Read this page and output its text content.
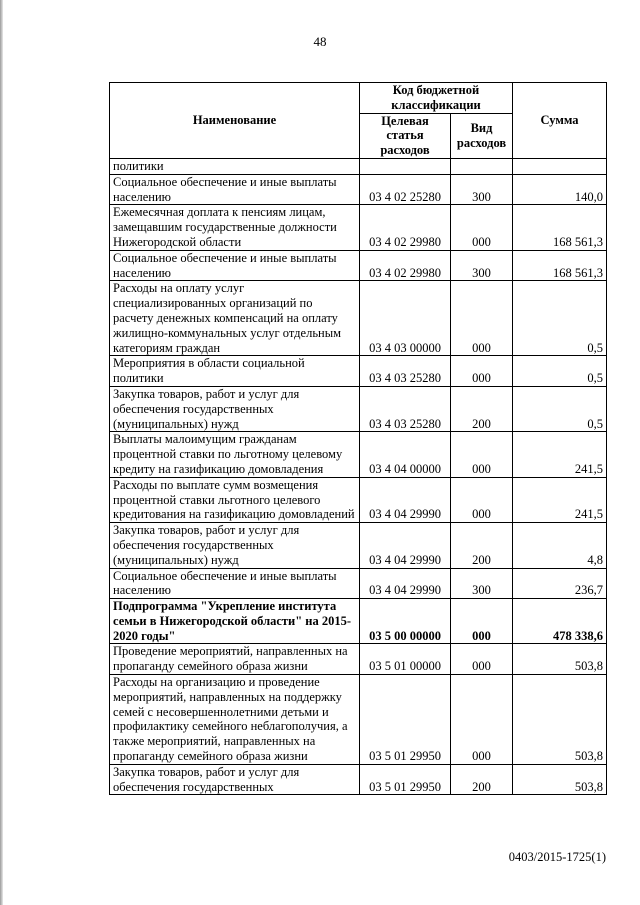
48
Наименование	Код бюджетной классификации		Сумма
	Целевая статья расходов	Вид расходов	
политики			
Социальное обеспечение и иные выплаты населению	03 4 02 25280	300	140,0
Ежемесячная доплата к пенсиям лицам, замещавшим государственные должности Нижегородской области	03 4 02 29980	000	168 561,3
Социальное обеспечение и иные выплаты населению	03 4 02 29980	300	168 561,3
Расходы на оплату услуг специализированных организаций по расчету денежных компенсаций на оплату жилищно-коммунальных услуг отдельным категориям граждан	03 4 03 00000	000	0,5
Мероприятия в области социальной политики	03 4 03 25280	000	0,5
Закупка товаров, работ и услуг для обеспечения государственных (муниципальных) нужд	03 4 03 25280	200	0,5
Выплаты малоимущим гражданам процентной ставки по льготному целевому кредиту на газификацию домовладения	03 4 04 00000	000	241,5
Расходы по выплате сумм возмещения процентной ставки льготного целевого кредитования на газификацию домовладений	03 4 04 29990	000	241,5
Закупка товаров, работ и услуг для обеспечения государственных (муниципальных) нужд	03 4 04 29990	200	4,8
Социальное обеспечение и иные выплаты населению	03 4 04 29990	300	236,7
Подпрограмма "Укрепление института семьи в Нижегородской области" на 2015-2020 годы"	03 5 00 00000	000	478 338,6
Проведение мероприятий, направленных на пропаганду семейного образа жизни	03 5 01 00000	000	503,8
Расходы на организацию и проведение мероприятий, направленных на поддержку семей с несовершеннолетними детьми и профилактику семейного неблагополучия, а также мероприятий, направленных на пропаганду семейного образа жизни	03 5 01 29950	000	503,8
Закупка товаров, работ и услуг для обеспечения государственных	03 5 01 29950	200	503,8
0403/2015-1725(1)
